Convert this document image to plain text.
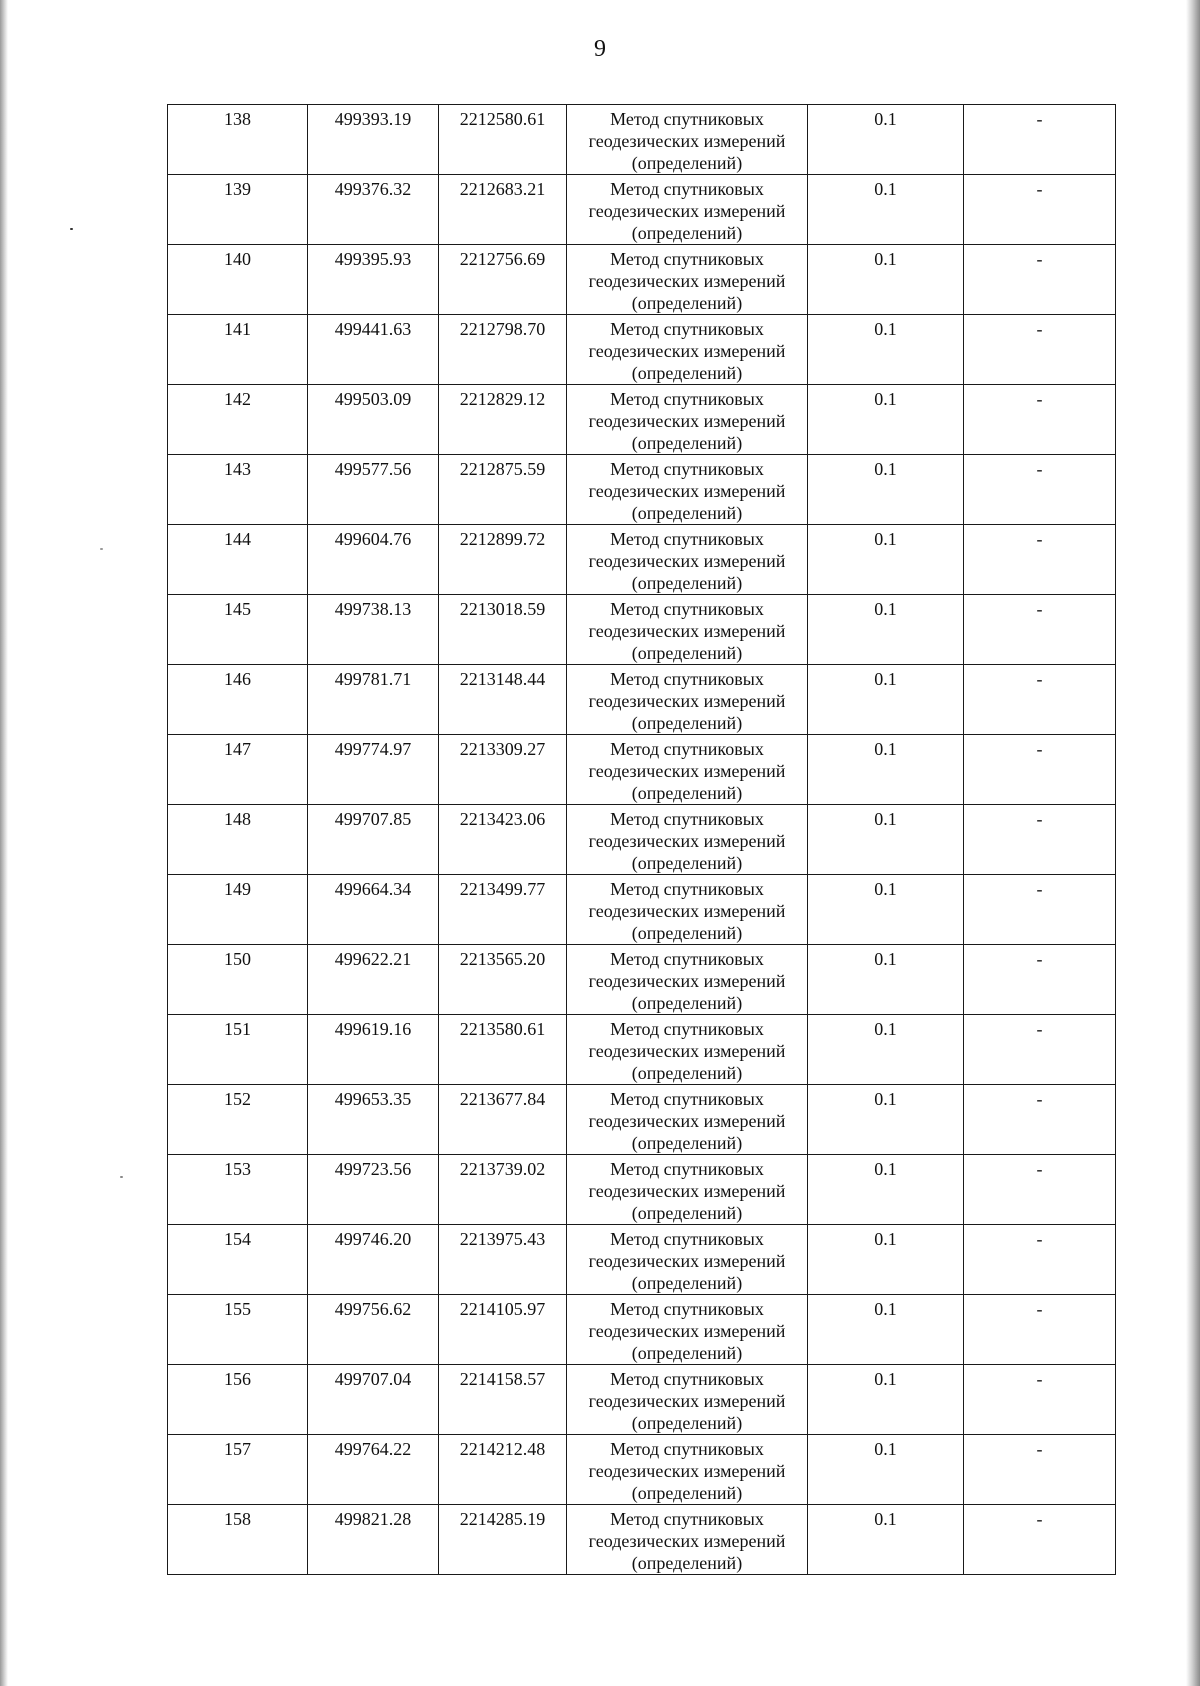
9
138	499393.19	2212580.61	Метод спутниковых
геодезических измерений
(определений)	0.1	-
139	499376.32	2212683.21	Метод спутниковых
геодезических измерений
(определений)	0.1	-
140	499395.93	2212756.69	Метод спутниковых
геодезических измерений
(определений)	0.1	-
141	499441.63	2212798.70	Метод спутниковых
геодезических измерений
(определений)	0.1	-
142	499503.09	2212829.12	Метод спутниковых
геодезических измерений
(определений)	0.1	-
143	499577.56	2212875.59	Метод спутниковых
геодезических измерений
(определений)	0.1	-
144	499604.76	2212899.72	Метод спутниковых
геодезических измерений
(определений)	0.1	-
145	499738.13	2213018.59	Метод спутниковых
геодезических измерений
(определений)	0.1	-
146	499781.71	2213148.44	Метод спутниковых
геодезических измерений
(определений)	0.1	-
147	499774.97	2213309.27	Метод спутниковых
геодезических измерений
(определений)	0.1	-
148	499707.85	2213423.06	Метод спутниковых
геодезических измерений
(определений)	0.1	-
149	499664.34	2213499.77	Метод спутниковых
геодезических измерений
(определений)	0.1	-
150	499622.21	2213565.20	Метод спутниковых
геодезических измерений
(определений)	0.1	-
151	499619.16	2213580.61	Метод спутниковых
геодезических измерений
(определений)	0.1	-
152	499653.35	2213677.84	Метод спутниковых
геодезических измерений
(определений)	0.1	-
153	499723.56	2213739.02	Метод спутниковых
геодезических измерений
(определений)	0.1	-
154	499746.20	2213975.43	Метод спутниковых
геодезических измерений
(определений)	0.1	-
155	499756.62	2214105.97	Метод спутниковых
геодезических измерений
(определений)	0.1	-
156	499707.04	2214158.57	Метод спутниковых
геодезических измерений
(определений)	0.1	-
157	499764.22	2214212.48	Метод спутниковых
геодезических измерений
(определений)	0.1	-
158	499821.28	2214285.19	Метод спутниковых
геодезических измерений
(определений)	0.1	-
